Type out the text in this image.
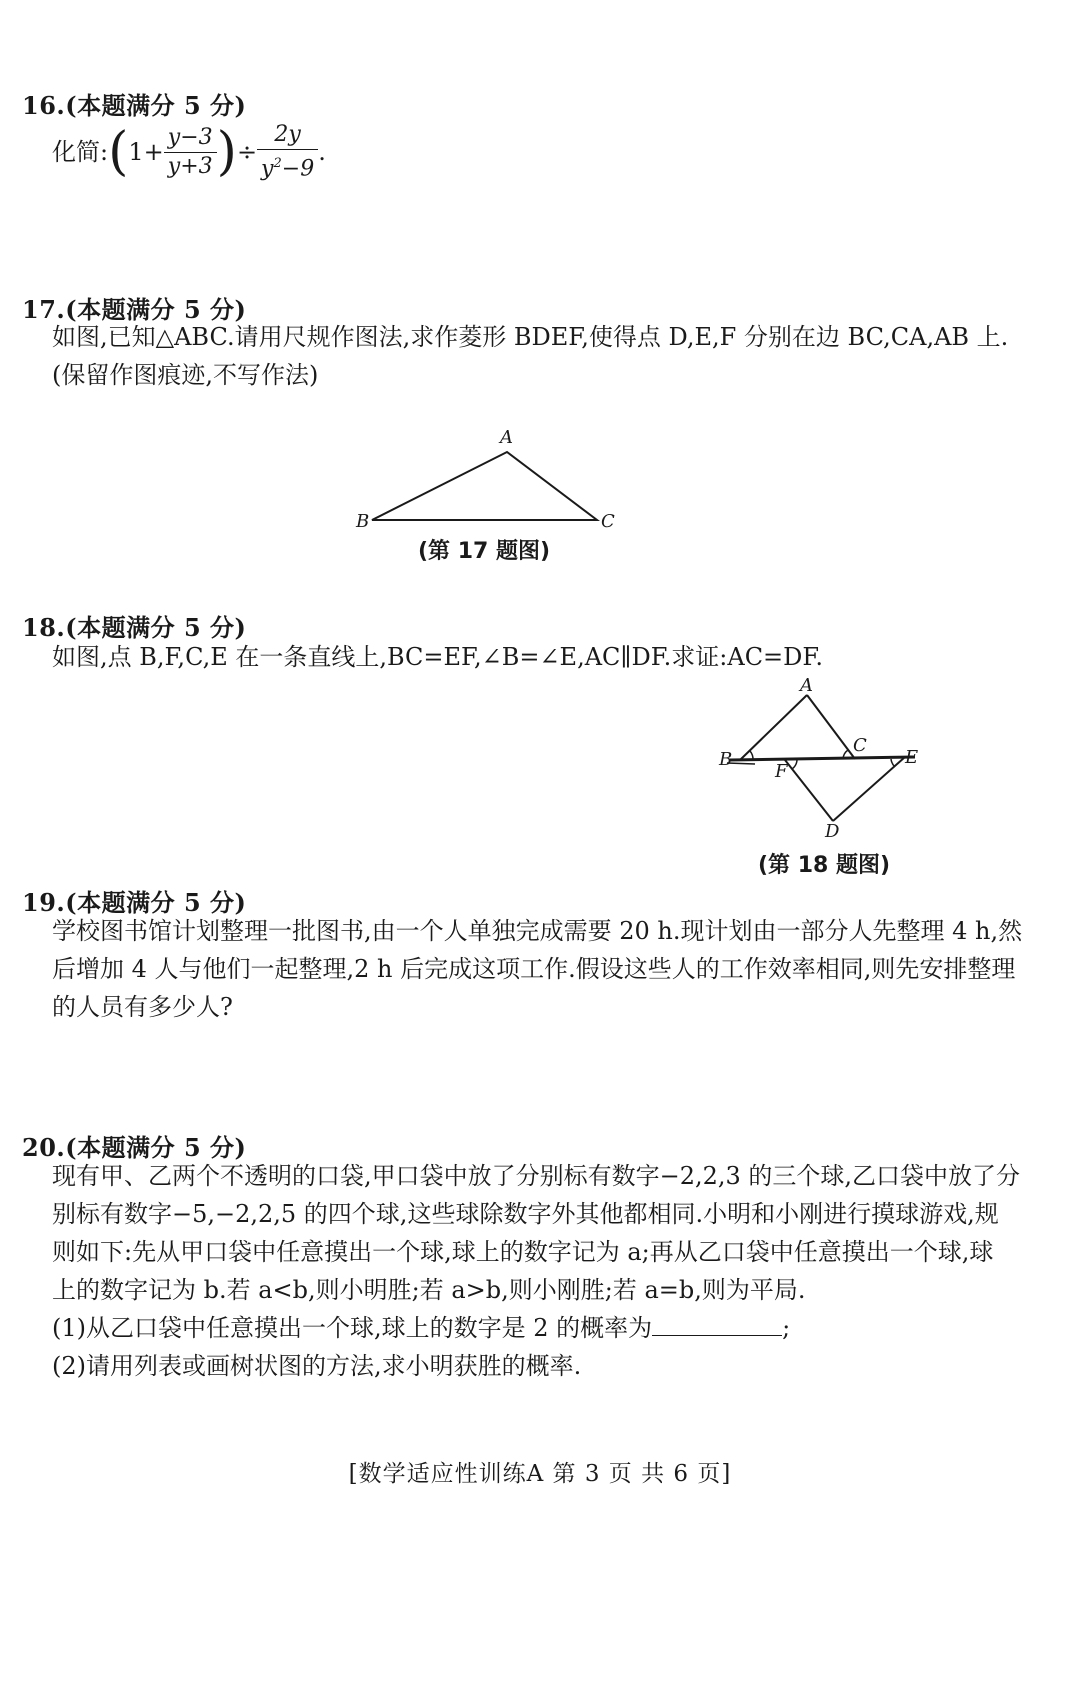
16.(本题满分 5 分)
化简: ( $1+ \frac{y-3}{y+3}$ ) ÷ $\frac{2y}{y^2-9}$ .
17.(本题满分 5 分)

如图,已知△ABC.请用尺规作图法,求作菱形 BDEF,使得点 D,E,F 分别在边 BC,CA,AB 上.

(保留作图痕迹,不写作法)

A
B	C
(第 17 题图)
18.(本题满分 5 分)

如图,点 B,F,C,E 在一条直线上,BC=EF,∠B=∠E,AC∥DF.求证:AC=DF.

A
B
C
D
E
F
(第 18 题图)
19.(本题满分 5 分)

学校图书馆计划整理一批图书,由一个人单独完成需要 20 h.现计划由一部分人先整理 4 h,然

后增加 4 人与他们一起整理,2 h 后完成这项工作.假设这些人的工作效率相同,则先安排整理

的人员有多少人?

20.(本题满分 5 分)

现有甲、乙两个不透明的口袋,甲口袋中放了分别标有数字−2,2,3 的三个球,乙口袋中放了分

别标有数字−5,−2,2,5 的四个球,这些球除数字外其他都相同.小明和小刚进行摸球游戏,规

则如下:先从甲口袋中任意摸出一个球,球上的数字记为 a;再从乙口袋中任意摸出一个球,球

上的数字记为 b.若 a<b,则小明胜;若 a>b,则小刚胜;若 a=b,则为平局.

(1)从乙口袋中任意摸出一个球,球上的数字是 2 的概率为	;

(2)请用列表或画树状图的方法,求小明获胜的概率.

[数学适应性训练A 第 3 页 共 6 页]
